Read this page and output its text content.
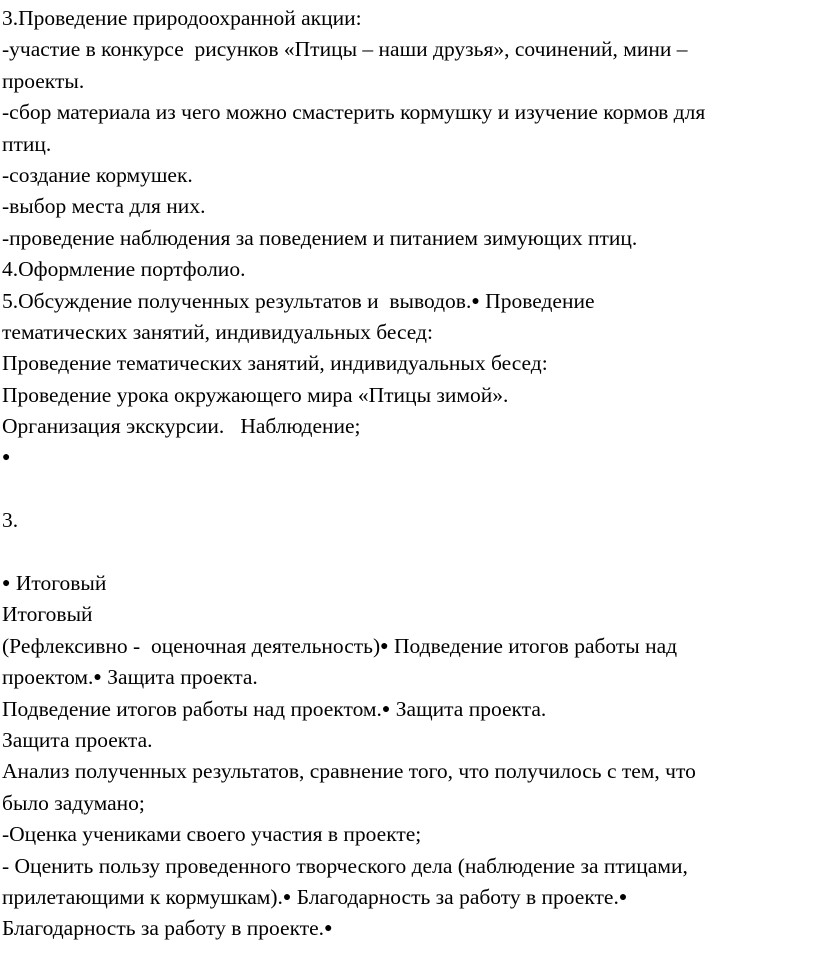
3.Проведение природоохранной акции:
-участие в конкурсе  рисунков «Птицы – наши друзья», сочинений, мини –
проекты.
-сбор материала из чего можно смастерить кормушку и изучение кормов для
птиц.
-создание кормушек.
-выбор места для них.
-проведение наблюдения за поведением и питанием зимующих птиц.
4.Оформление портфолио.
5.Обсуждение полученных результатов и  выводов.● Проведение
тематических занятий, индивидуальных бесед:
Проведение тематических занятий, индивидуальных бесед:
Проведение урока окружающего мира «Птицы зимой».
Организация экскурсии.   Наблюдение;
●
3.
● Итоговый
Итоговый
(Рефлексивно -  оценочная деятельность)● Подведение итогов работы над
проектом.● Защита проекта.
Подведение итогов работы над проектом.● Защита проекта.
Защита проекта.
Анализ полученных результатов, сравнение того, что получилось с тем, что
было задумано;
-Оценка учениками своего участия в проекте;
- Оценить пользу проведенного творческого дела (наблюдение за птицами,
прилетающими к кормушкам).● Благодарность за работу в проекте.●
Благодарность за работу в проекте.●
